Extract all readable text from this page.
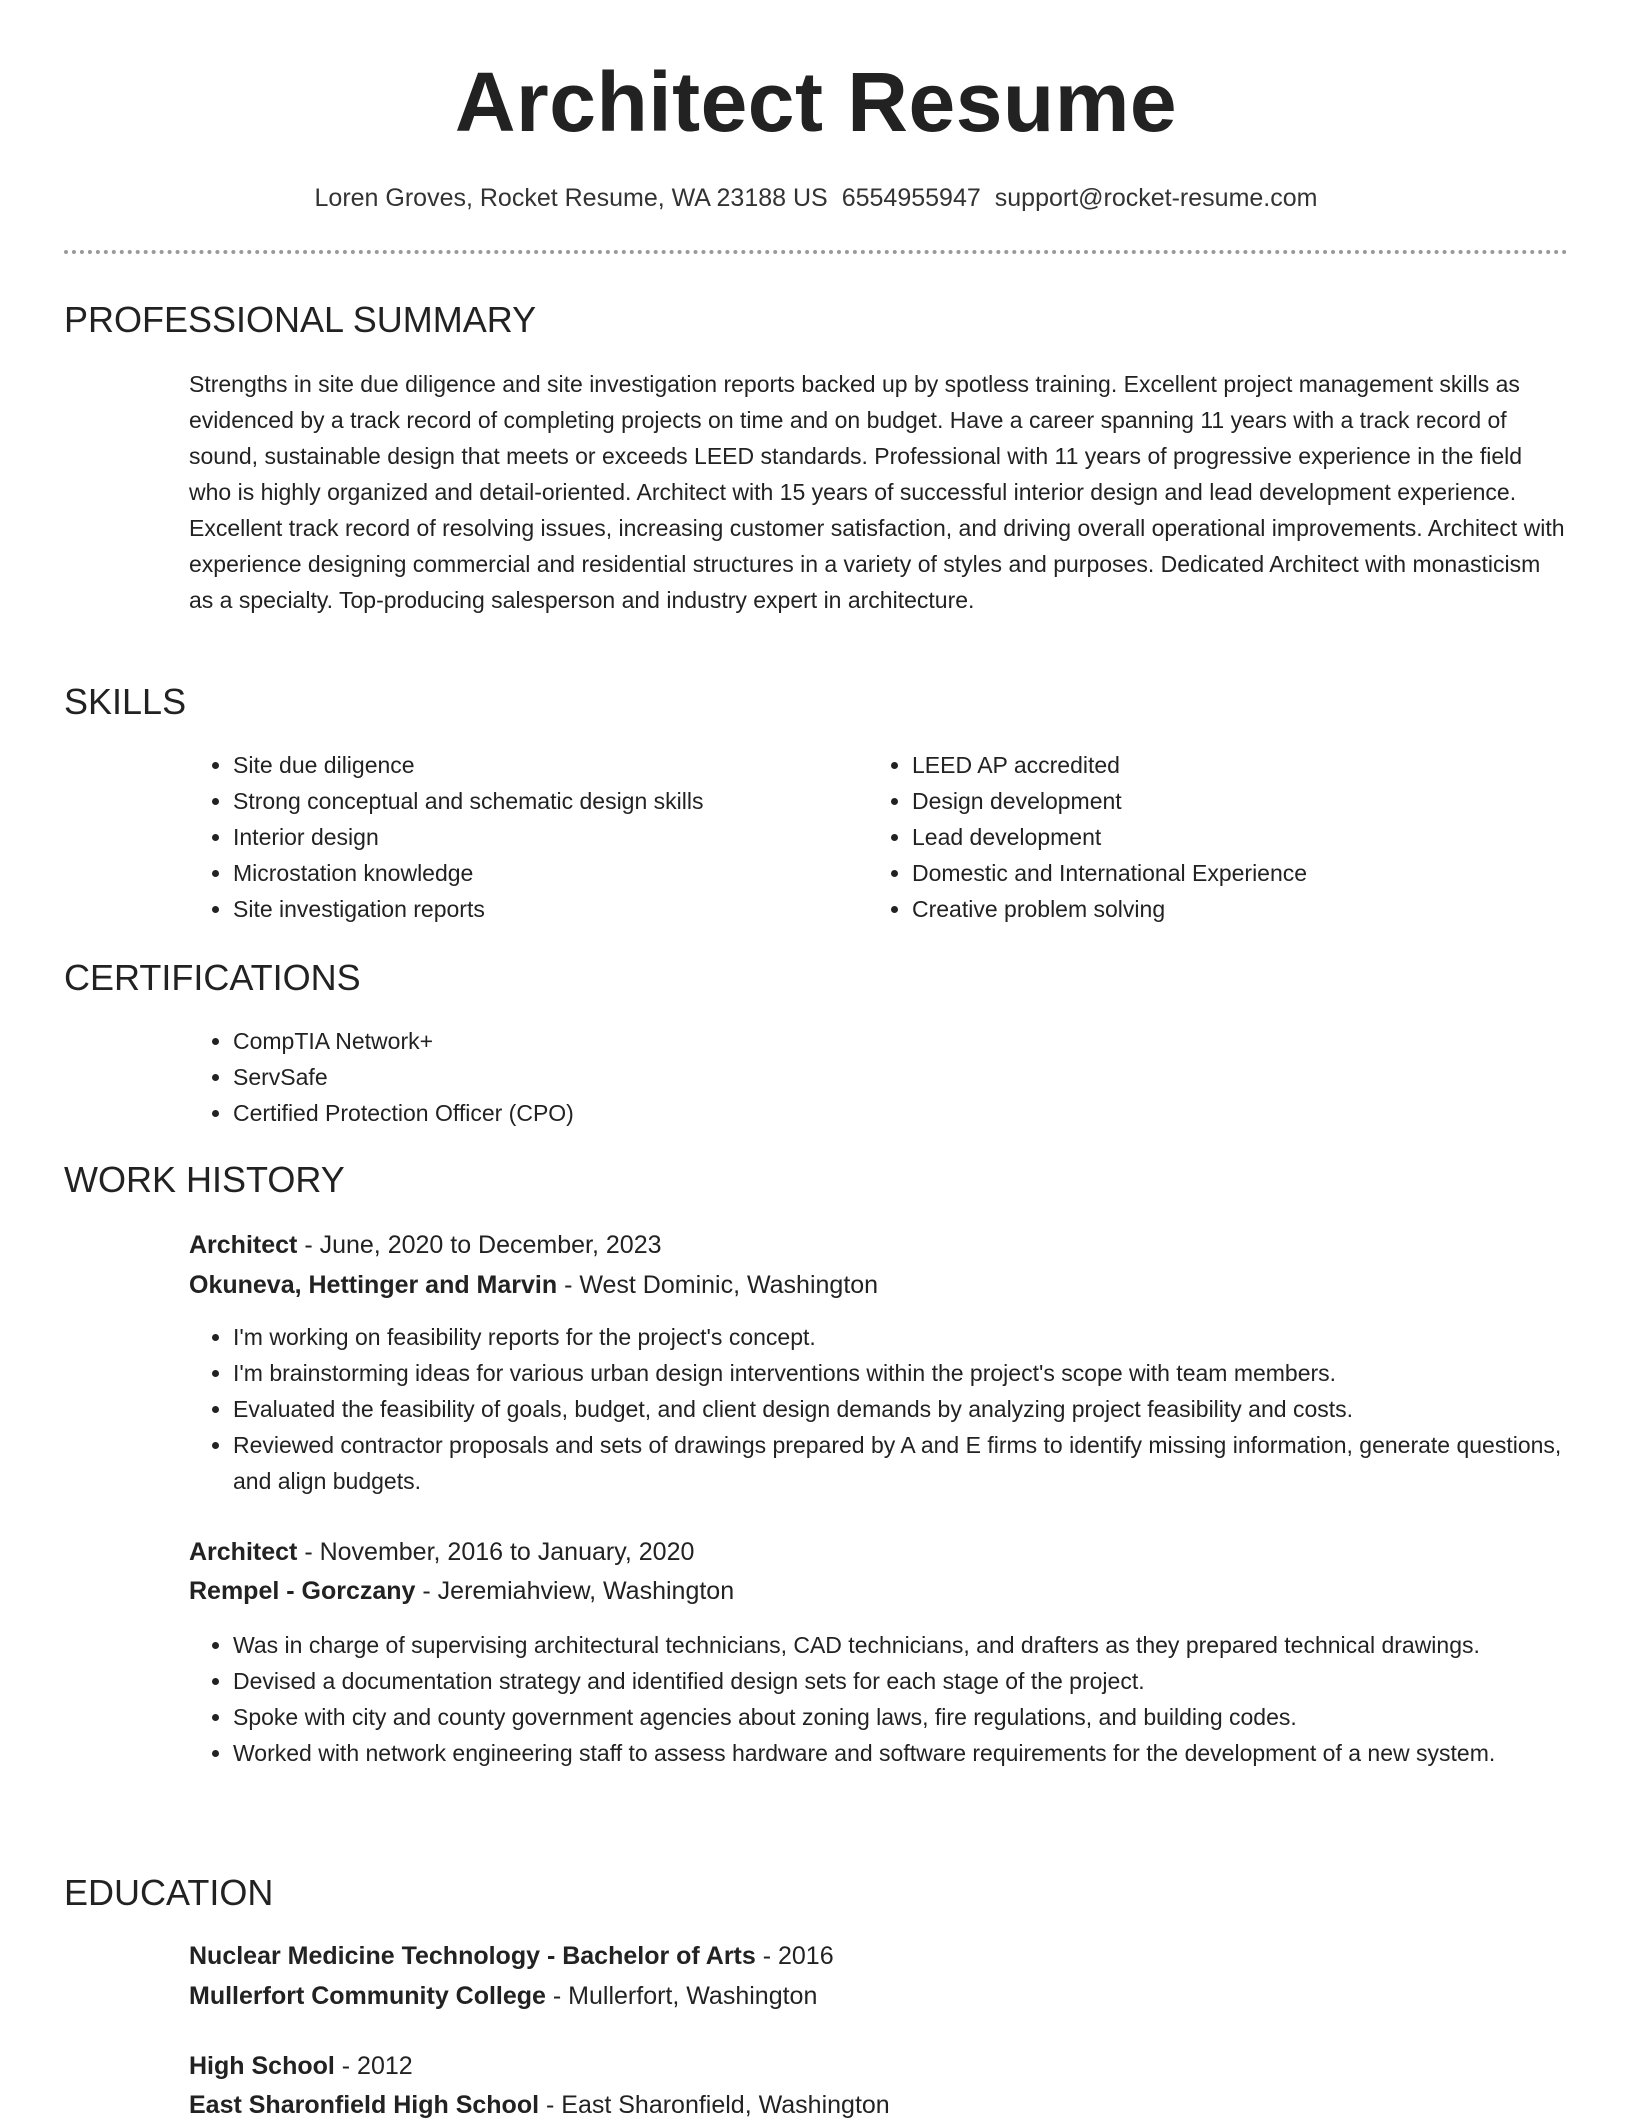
Architect Resume
Loren Groves, Rocket Resume, WA 23188 US 6554955947 support@rocket-resume.com
PROFESSIONAL SUMMARY
Strengths in site due diligence and site investigation reports backed up by spotless training. Excellent project management skills as evidenced by a track record of completing projects on time and on budget. Have a career spanning 11 years with a track record of sound, sustainable design that meets or exceeds LEED standards. Professional with 11 years of progressive experience in the field who is highly organized and detail-oriented. Architect with 15 years of successful interior design and lead development experience. Excellent track record of resolving issues, increasing customer satisfaction, and driving overall operational improvements. Architect with experience designing commercial and residential structures in a variety of styles and purposes. Dedicated Architect with monasticism as a specialty. Top-producing salesperson and industry expert in architecture.
SKILLS
• Site due diligence
• Strong conceptual and schematic design skills
• Interior design
• Microstation knowledge
• Site investigation reports
• LEED AP accredited
• Design development
• Lead development
• Domestic and International Experience
• Creative problem solving
CERTIFICATIONS
• CompTIA Network+
• ServSafe
• Certified Protection Officer (CPO)
WORK HISTORY
Architect - June, 2020 to December, 2023
Okuneva, Hettinger and Marvin - West Dominic, Washington
• I'm working on feasibility reports for the project's concept.
• I'm brainstorming ideas for various urban design interventions within the project's scope with team members.
• Evaluated the feasibility of goals, budget, and client design demands by analyzing project feasibility and costs.
• Reviewed contractor proposals and sets of drawings prepared by A and E firms to identify missing information, generate questions, and align budgets.
Architect - November, 2016 to January, 2020
Rempel - Gorczany - Jeremiahview, Washington
• Was in charge of supervising architectural technicians, CAD technicians, and drafters as they prepared technical drawings.
• Devised a documentation strategy and identified design sets for each stage of the project.
• Spoke with city and county government agencies about zoning laws, fire regulations, and building codes.
• Worked with network engineering staff to assess hardware and software requirements for the development of a new system.
EDUCATION
Nuclear Medicine Technology - Bachelor of Arts - 2016
Mullerfort Community College - Mullerfort, Washington
High School - 2012
East Sharonfield High School - East Sharonfield, Washington
